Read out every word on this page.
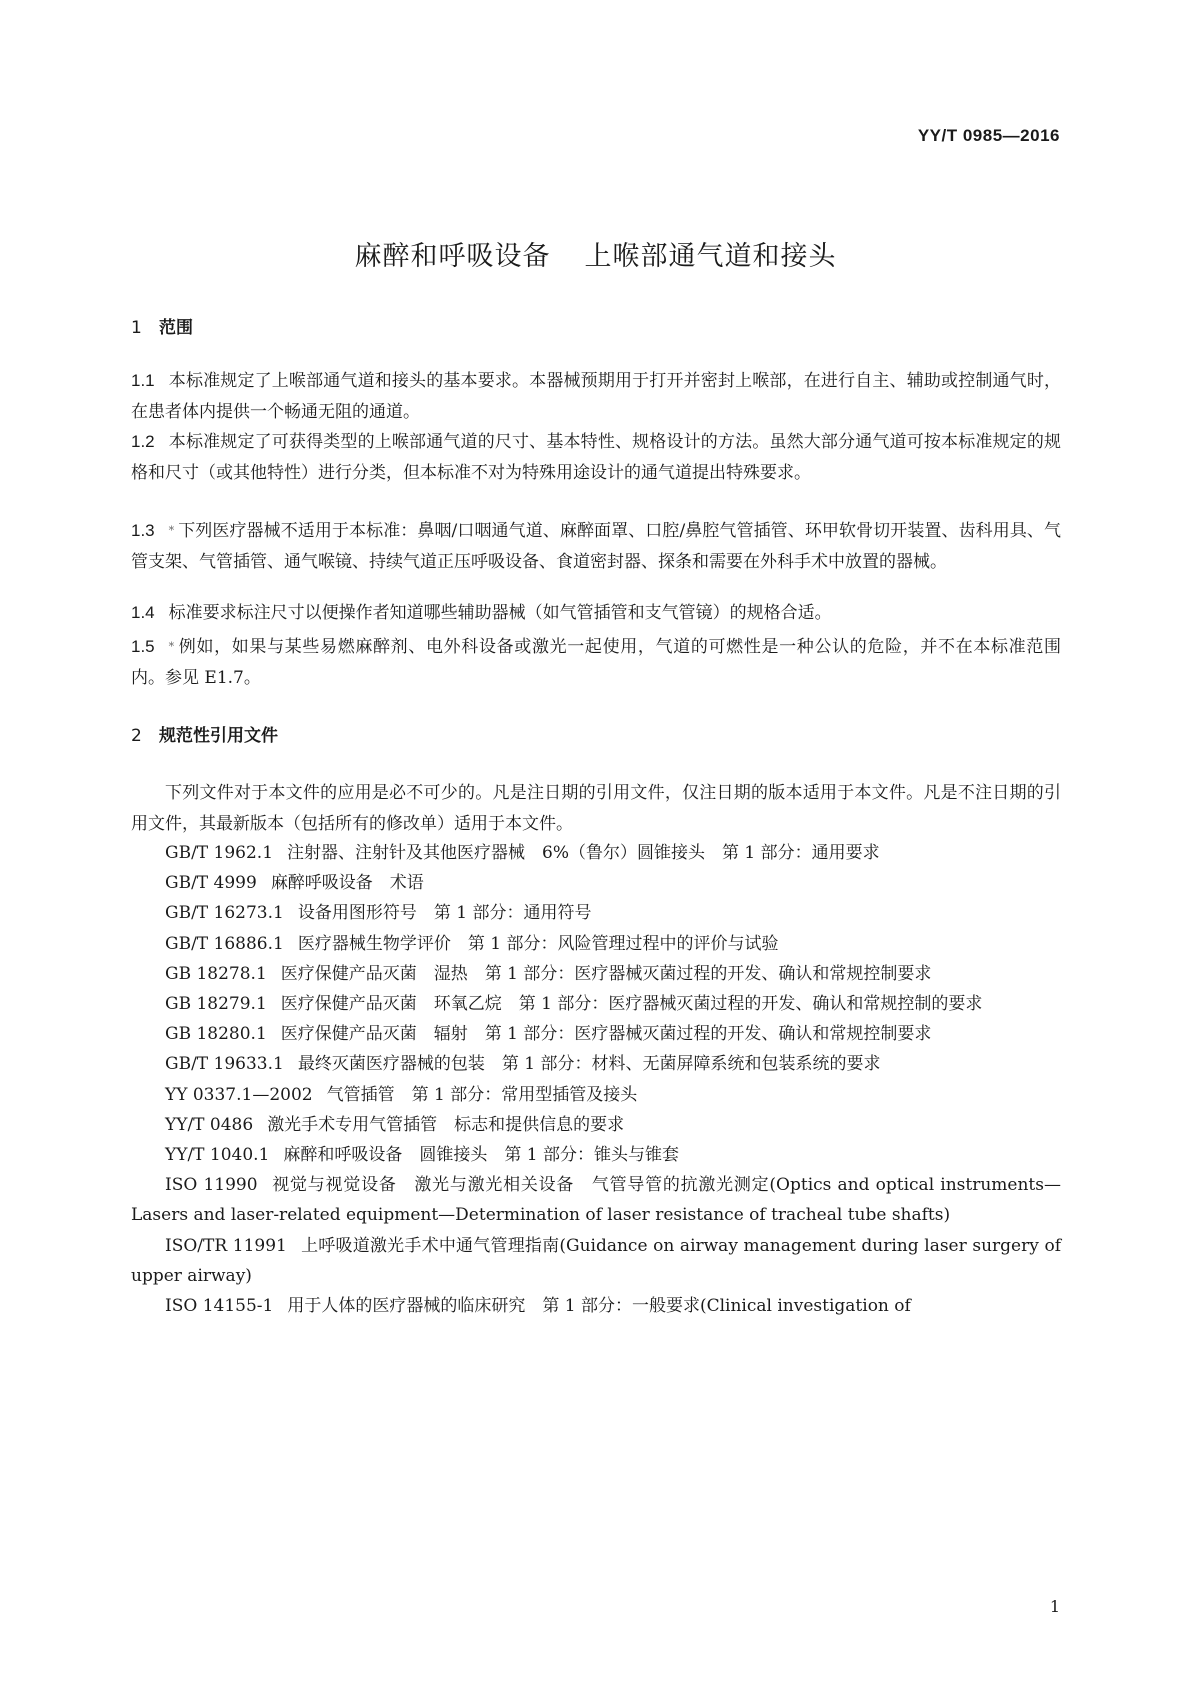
YY/T 0985—2016
麻醉和呼吸设备 上喉部通气道和接头
1 范围
1.1 本标准规定了上喉部通气道和接头的基本要求。本器械预期用于打开并密封上喉部，在进行自主、辅助或控制通气时，在患者体内提供一个畅通无阻的通道。
1.2 本标准规定了可获得类型的上喉部通气道的尺寸、基本特性、规格设计的方法。虽然大部分通气道可按本标准规定的规格和尺寸（或其他特性）进行分类，但本标准不对为特殊用途设计的通气道提出特殊要求。
1.3 * 下列医疗器械不适用于本标准：鼻咽/口咽通气道、麻醉面罩、口腔/鼻腔气管插管、环甲软骨切开装置、齿科用具、气管支架、气管插管、通气喉镜、持续气道正压呼吸设备、食道密封器、探条和需要在外科手术中放置的器械。
1.4 标准要求标注尺寸以便操作者知道哪些辅助器械（如气管插管和支气管镜）的规格合适。
1.5 * 例如，如果与某些易燃麻醉剂、电外科设备或激光一起使用，气道的可燃性是一种公认的危险，并不在本标准范围内。参见 E1.7。
2 规范性引用文件
下列文件对于本文件的应用是必不可少的。凡是注日期的引用文件，仅注日期的版本适用于本文件。凡是不注日期的引用文件，其最新版本（包括所有的修改单）适用于本文件。
GB/T 1962.1 注射器、注射针及其他医疗器械　6%（鲁尔）圆锥接头　第 1 部分：通用要求
GB/T 4999 麻醉呼吸设备　术语
GB/T 16273.1 设备用图形符号　第 1 部分：通用符号
GB/T 16886.1 医疗器械生物学评价　第 1 部分：风险管理过程中的评价与试验
GB 18278.1 医疗保健产品灭菌　湿热　第 1 部分：医疗器械灭菌过程的开发、确认和常规控制要求
GB 18279.1 医疗保健产品灭菌　环氧乙烷　第 1 部分：医疗器械灭菌过程的开发、确认和常规控制的要求
GB 18280.1 医疗保健产品灭菌　辐射　第 1 部分：医疗器械灭菌过程的开发、确认和常规控制要求
GB/T 19633.1 最终灭菌医疗器械的包装　第 1 部分：材料、无菌屏障系统和包装系统的要求
YY 0337.1—2002 气管插管　第 1 部分：常用型插管及接头
YY/T 0486 激光手术专用气管插管　标志和提供信息的要求
YY/T 1040.1 麻醉和呼吸设备　圆锥接头　第 1 部分：锥头与锥套
ISO 11990 视觉与视觉设备　激光与激光相关设备　气管导管的抗激光测定(Optics and optical instruments— Lasers and laser-related equipment—Determination of laser resistance of tracheal tube shafts)
ISO/TR 11991 上呼吸道激光手术中通气管理指南(Guidance on airway management during laser surgery of upper airway)
ISO 14155-1 用于人体的医疗器械的临床研究　第 1 部分：一般要求(Clinical investigation of
1
